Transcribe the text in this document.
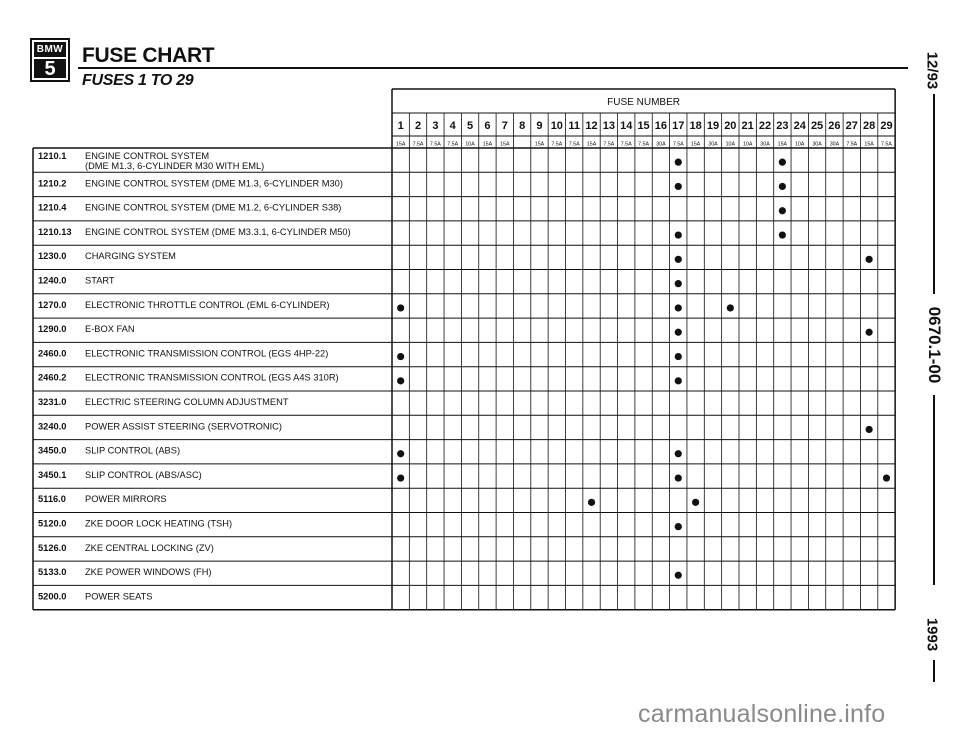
BMW
5
FUSE CHART
FUSES 1 TO 29	12/93
0670.1-00
1993
FUSE NUMBER
1210.1 ENGINE CONTROL SYSTEM
(DME M1.3, 6-CYLINDER M30 WITH EML)
1210.2 ENGINE CONTROL SYSTEM (DME M1.3, 6-CYLINDER M30)
1210.4 ENGINE CONTROL SYSTEM (DME M1.2, 6-CYLINDER S38)
1210.13 ENGINE CONTROL SYSTEM (DME M3.3.1, 6-CYLINDER M50)
1230.0 CHARGING SYSTEM
1240.0 START
1270.0 ELECTRONIC THROTTLE CONTROL (EML 6-CYLINDER)
1290.0 E-BOX FAN
2460.0 ELECTRONIC TRANSMISSION CONTROL (EGS 4HP-22)
2460.2 ELECTRONIC TRANSMISSION CONTROL (EGS A4S 310R)
3231.0 ELECTRIC STEERING COLUMN ADJUSTMENT
3240.0 POWER ASSIST STEERING (SERVOTRONIC)
3450.0 SLIP CONTROL (ABS)
3450.1 SLIP CONTROL (ABS/ASC)
5116.0 POWER MIRRORS
5120.0 ZKE DOOR LOCK HEATING (TSH)
5126.0 ZKE CENTRAL LOCKING (ZV)
5133.0 ZKE POWER WINDOWS (FH)
5200.0 POWER SEATS
1
15A
2
7.5A
3
7.5A
4
7.5A
5
10A
6
15A
7
15A
8 9
15A
10
7.5A
11
7.5A
12
15A
13
7.5A
14
7.5A
15
7.5A
16
30A
17
7.5A
18
15A
19
30A
20
10A
21
10A
22
30A
23
15A
24
10A
25
30A
26
30A
27
7.5A
28
15A
29
7.5A
carmanualsonline.info
